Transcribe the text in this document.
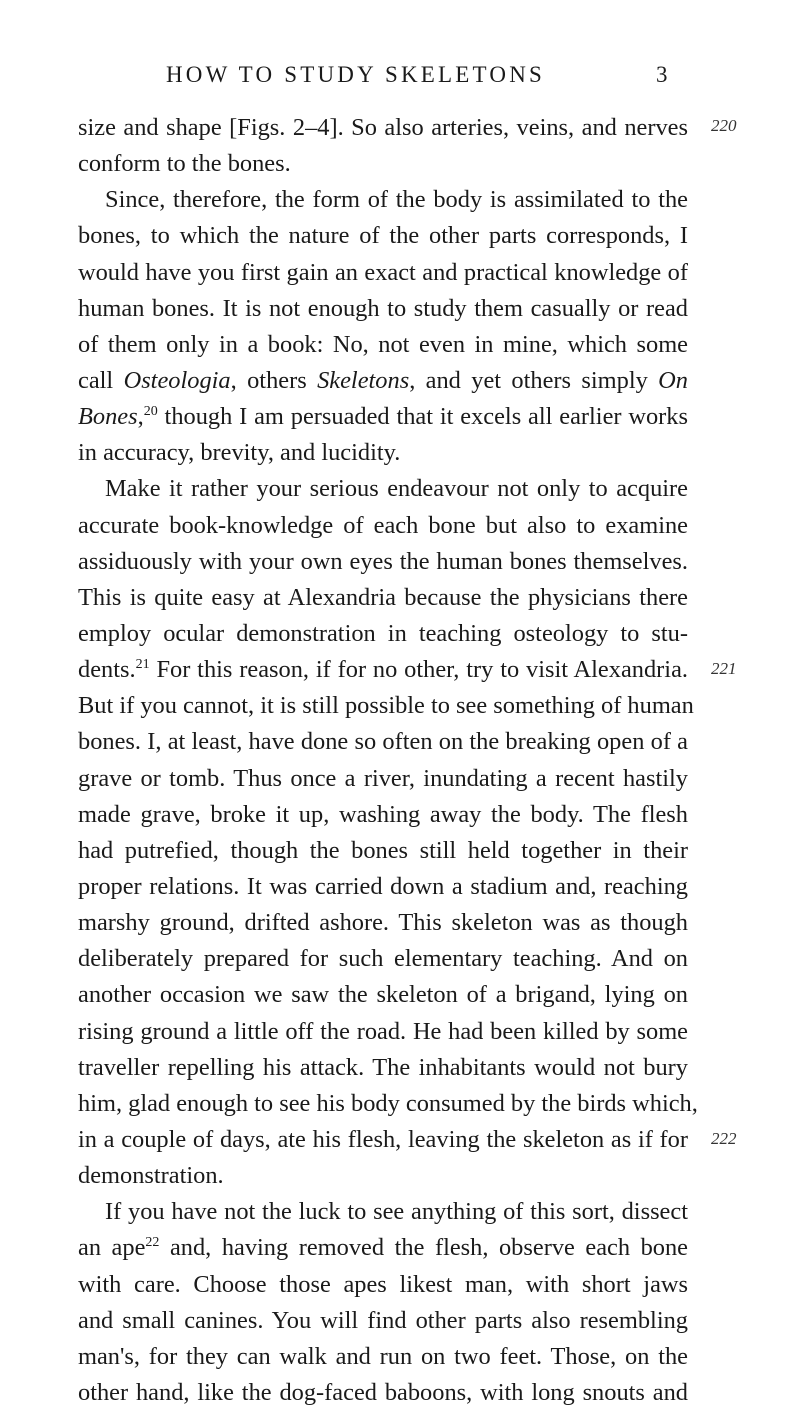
HOW TO STUDY SKELETONS	3
size and shape [Figs. 2–4]. So also arteries, veins, and nerves
conform to the bones.
Since, therefore, the form of the body is assimilated to the
bones, to which the nature of the other parts corresponds, I
would have you first gain an exact and practical knowledge of
human bones. It is not enough to study them casually or read
of them only in a book: No, not even in mine, which some
call Osteologia, others Skeletons, and yet others simply On
Bones,$^{20}$ though I am persuaded that it excels all earlier works
in accuracy, brevity, and lucidity.
Make it rather your serious endeavour not only to acquire
accurate book-knowledge of each bone but also to examine
assiduously with your own eyes the human bones themselves.
This is quite easy at Alexandria because the physicians there
employ ocular demonstration in teaching osteology to stu-
dents.$^{21}$ For this reason, if for no other, try to visit Alexandria.
But if you cannot, it is still possible to see something of human
bones. I, at least, have done so often on the breaking open of a
grave or tomb. Thus once a river, inundating a recent hastily
made grave, broke it up, washing away the body. The flesh
had putrefied, though the bones still held together in their
proper relations. It was carried down a stadium and, reaching
marshy ground, drifted ashore. This skeleton was as though
deliberately prepared for such elementary teaching. And on
another occasion we saw the skeleton of a brigand, lying on
rising ground a little off the road. He had been killed by some
traveller repelling his attack. The inhabitants would not bury
him, glad enough to see his body consumed by the birds which,
in a couple of days, ate his flesh, leaving the skeleton as if for
demonstration.
If you have not the luck to see anything of this sort, dissect
an ape$^{22}$ and, having removed the flesh, observe each bone
with care. Choose those apes likest man, with short jaws
and small canines. You will find other parts also resembling
man's, for they can walk and run on two feet. Those, on the
other hand, like the dog-faced baboons, with long snouts and
220
221
222
